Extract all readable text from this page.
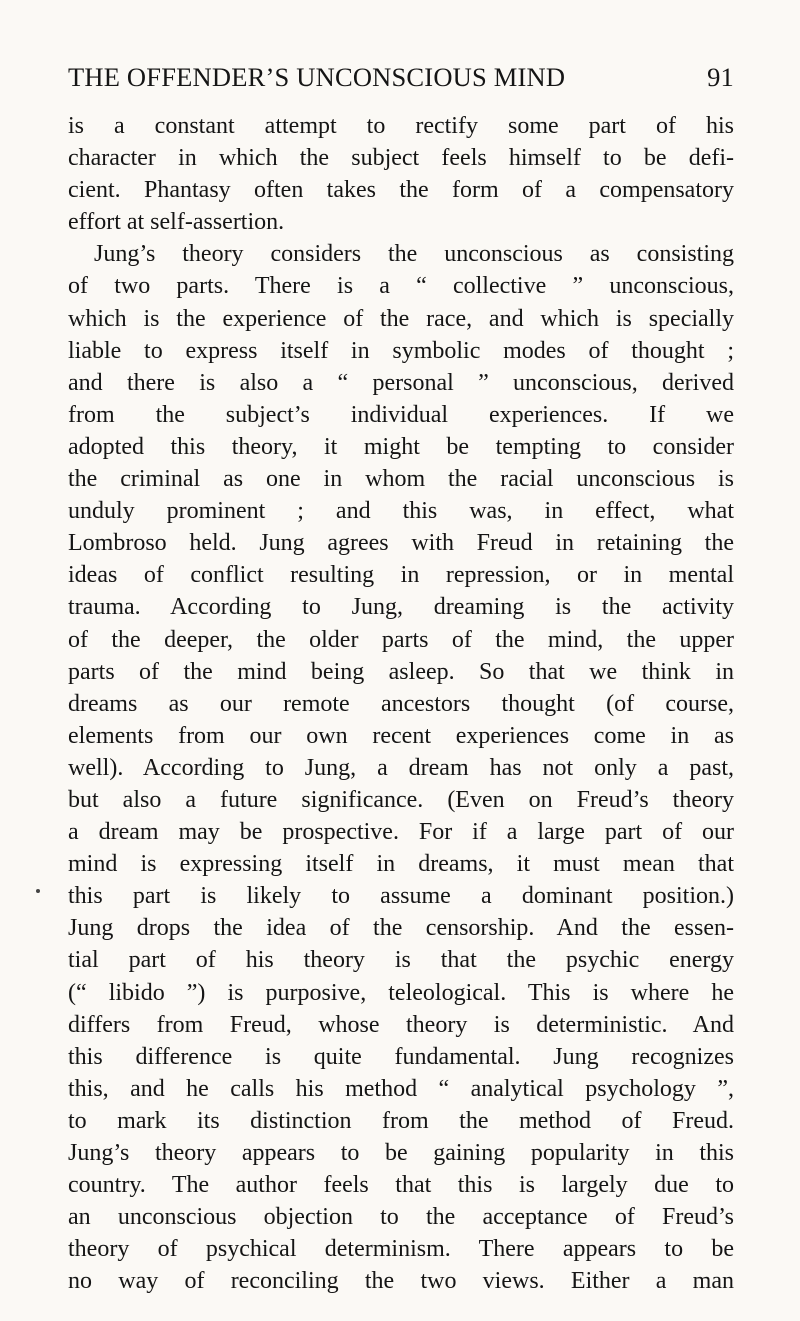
THE OFFENDER’S UNCONSCIOUS MIND	91
is a constant attempt to rectify some part of his
character in which the subject feels himself to be defi-
cient. Phantasy often takes the form of a compensatory
effort at self-assertion.
Jung’s theory considers the unconscious as consisting
of two parts. There is a “ collective ” unconscious,
which is the experience of the race, and which is specially
liable to express itself in symbolic modes of thought ;
and there is also a “ personal ” unconscious, derived
from the subject’s individual experiences. If we
adopted this theory, it might be tempting to consider
the criminal as one in whom the racial unconscious is
unduly prominent ; and this was, in effect, what
Lombroso held. Jung agrees with Freud in retaining the
ideas of conflict resulting in repression, or in mental
trauma. According to Jung, dreaming is the activity
of the deeper, the older parts of the mind, the upper
parts of the mind being asleep. So that we think in
dreams as our remote ancestors thought (of course,
elements from our own recent experiences come in as
well). According to Jung, a dream has not only a past,
but also a future significance. (Even on Freud’s theory
a dream may be prospective. For if a large part of our
mind is expressing itself in dreams, it must mean that
this part is likely to assume a dominant position.)
Jung drops the idea of the censorship. And the essen-
tial part of his theory is that the psychic energy
(“ libido ”) is purposive, teleological. This is where he
differs from Freud, whose theory is deterministic. And
this difference is quite fundamental. Jung recognizes
this, and he calls his method “ analytical psychology ”,
to mark its distinction from the method of Freud.
Jung’s theory appears to be gaining popularity in this
country. The author feels that this is largely due to
an unconscious objection to the acceptance of Freud’s
theory of psychical determinism. There appears to be
no way of reconciling the two views. Either a man
